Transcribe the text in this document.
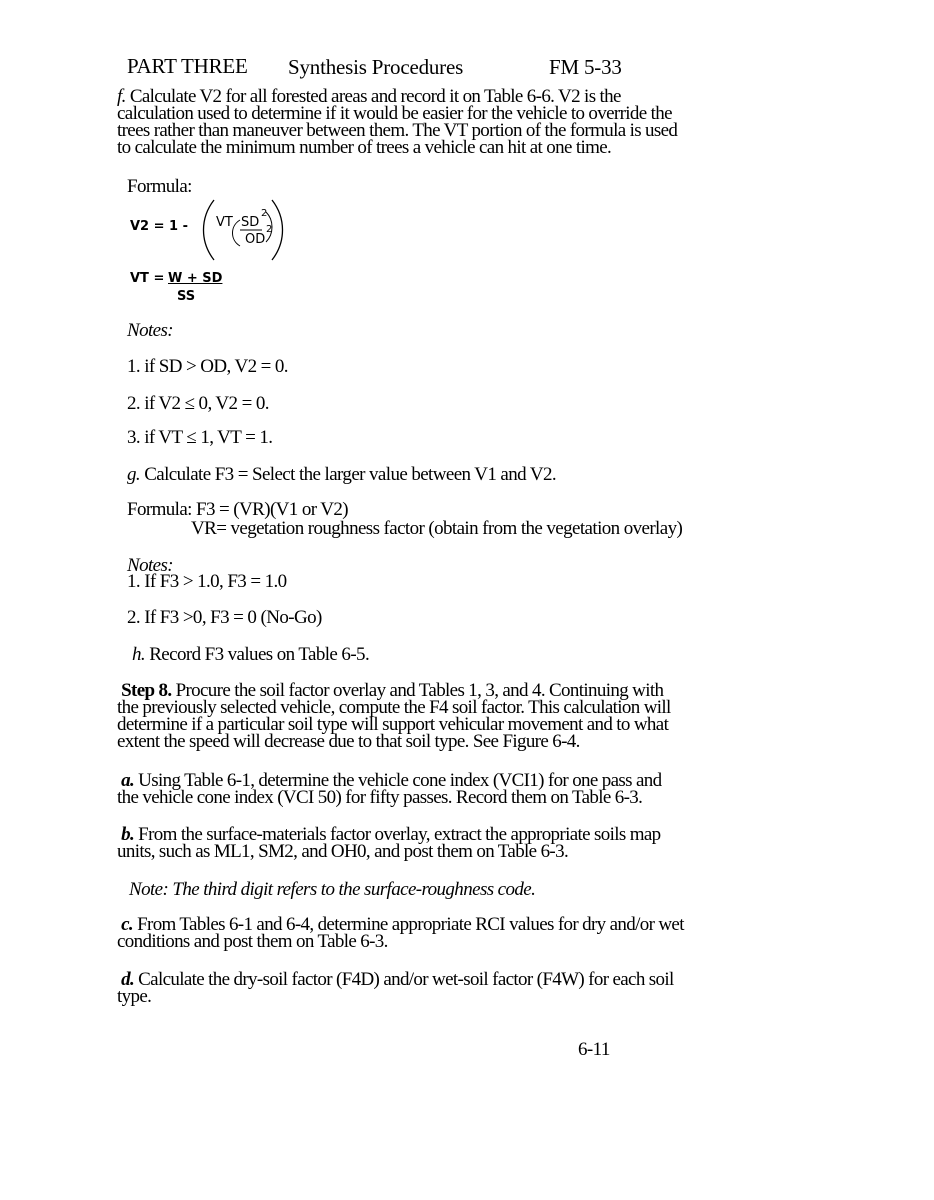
PART THREE Synthesis Procedures	FM 5-33

f. Calculate V2 for all forested areas and record it on Table 6-6. V2 is the

calculation used to determine if it would be easier for the vehicle to override the

trees rather than maneuver between them. The VT portion of the formula is used

to calculate the minimum number of trees a vehicle can hit at one time.

Formula:
V2 = 1 - VT SD
2
OD
2
VT = W + SD
SS
Notes:
1. if SD > OD, V2 = 0.
2. if V2 ≤ 0, V2 = 0.
3. if VT ≤ 1, VT = 1.
g. Calculate F3 = Select the larger value between V1 and V2.
Formula: F3 = (VR)(V1 or V2)
VR= vegetation roughness factor (obtain from the vegetation overlay)
Notes:
1. If F3 > 1.0, F3 = 1.0
2. If F3 >0, F3 = 0 (No-Go)
h. Record F3 values on Table 6-5.

Step 8. Procure the soil factor overlay and Tables 1, 3, and 4. Continuing with

the previously selected vehicle, compute the F4 soil factor. This calculation will

determine if a particular soil type will support vehicular movement and to what

extent the speed will decrease due to that soil type. See Figure 6-4.

a. Using Table 6-1, determine the vehicle cone index (VCI1) for one pass and

the vehicle cone index (VCI 50) for fifty passes. Record them on Table 6-3.

b. From the surface-materials factor overlay, extract the appropriate soils map

units, such as ML1, SM2, and OH0, and post them on Table 6-3.

Note: The third digit refers to the surface-roughness code.

c. From Tables 6-1 and 6-4, determine appropriate RCI values for dry and/or wet

conditions and post them on Table 6-3.

d. Calculate the dry-soil factor (F4D) and/or wet-soil factor (F4W) for each soil

type.

6-11
